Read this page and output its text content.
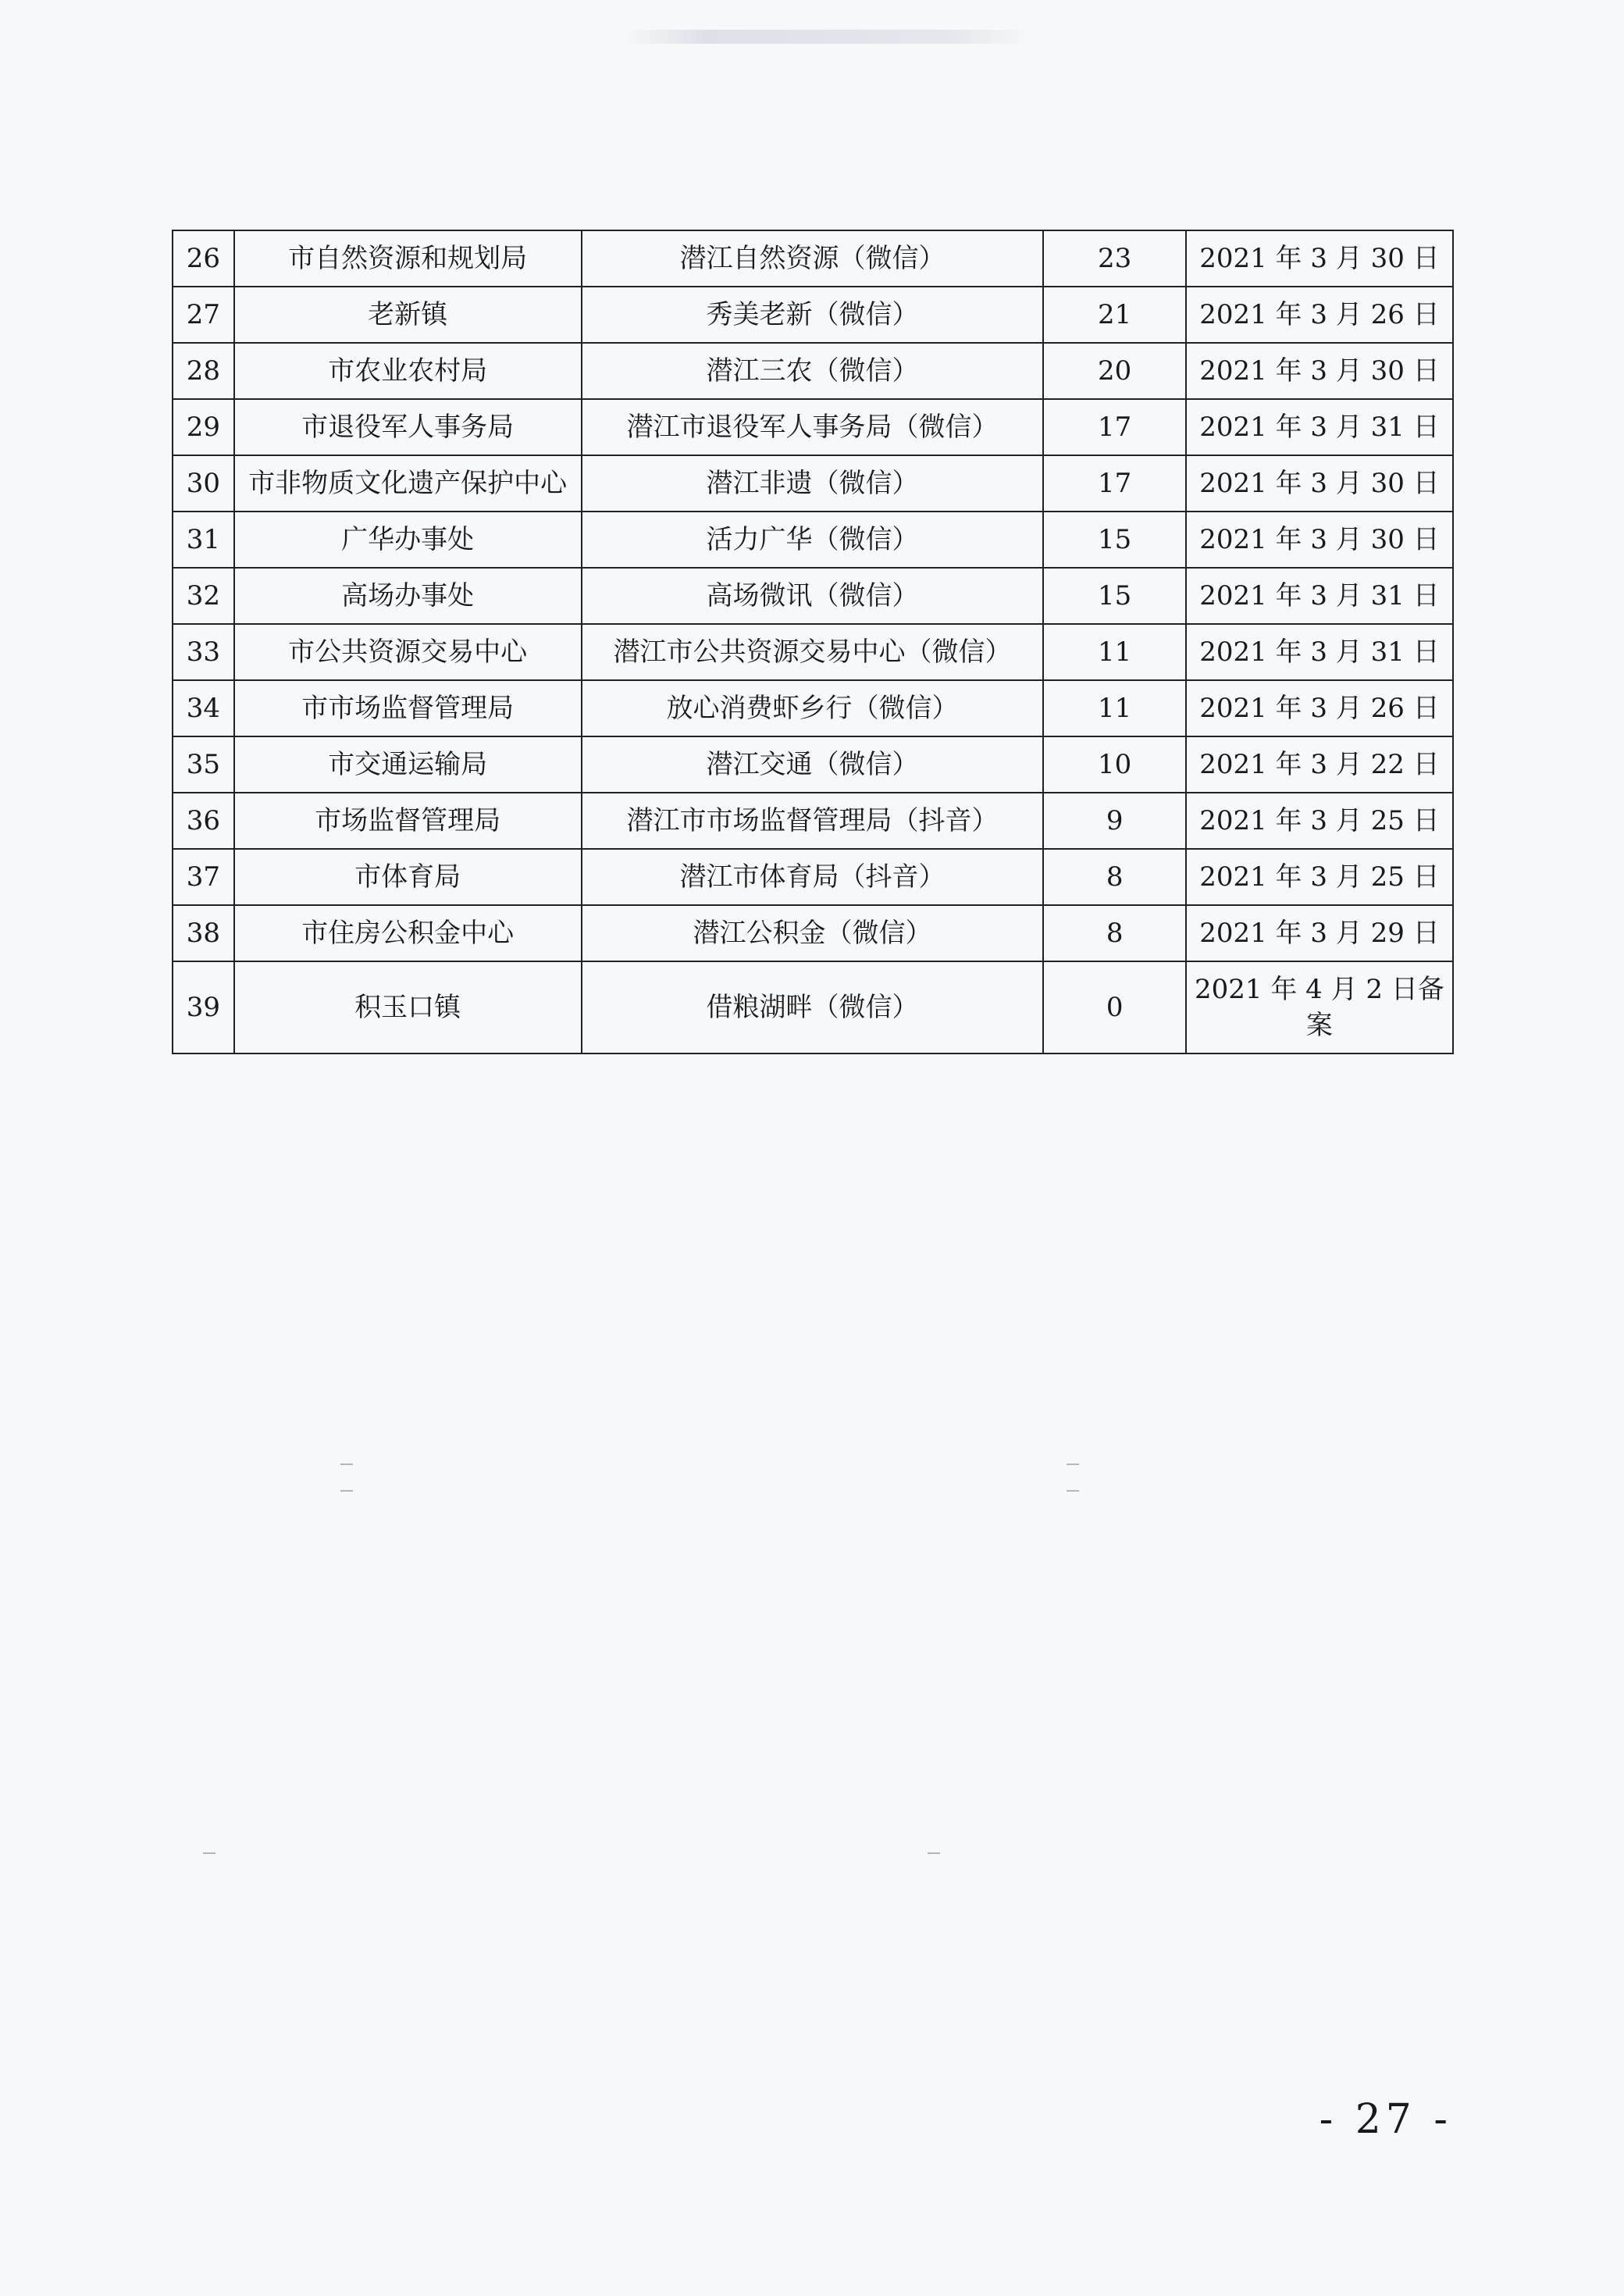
26	市自然资源和规划局	潜江自然资源（微信）	23	2021 年 3 月 30 日
27	老新镇	秀美老新（微信）	21	2021 年 3 月 26 日
28	市农业农村局	潜江三农（微信）	20	2021 年 3 月 30 日
29	市退役军人事务局	潜江市退役军人事务局（微信）	17	2021 年 3 月 31 日
30	市非物质文化遗产保护中心	潜江非遗（微信）	17	2021 年 3 月 30 日
31	广华办事处	活力广华（微信）	15	2021 年 3 月 30 日
32	高场办事处	高场微讯（微信）	15	2021 年 3 月 31 日
33	市公共资源交易中心	潜江市公共资源交易中心（微信）	11	2021 年 3 月 31 日
34	市市场监督管理局	放心消费虾乡行（微信）	11	2021 年 3 月 26 日
35	市交通运输局	潜江交通（微信）	10	2021 年 3 月 22 日
36	市场监督管理局	潜江市市场监督管理局（抖音）	9	2021 年 3 月 25 日
37	市体育局	潜江市体育局（抖音）	8	2021 年 3 月 25 日
38	市住房公积金中心	潜江公积金（微信）	8	2021 年 3 月 29 日
39	积玉口镇	借粮湖畔（微信）	0	2021 年 4 月 2 日备案
- 27 -
